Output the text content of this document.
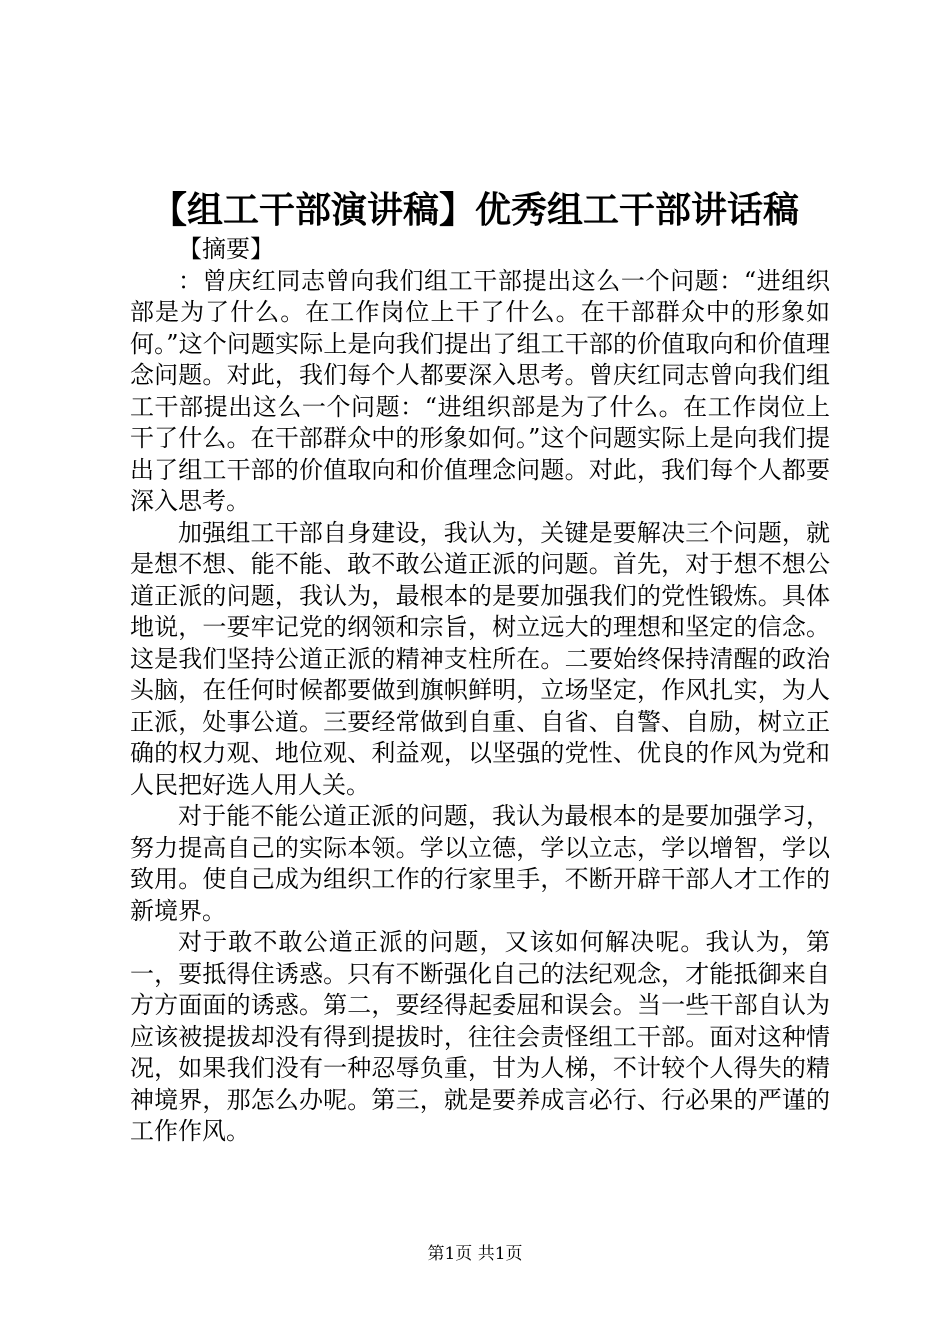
【组工干部演讲稿】优秀组工干部讲话稿

【摘要】

：曾庆红同志曾向我们组工干部提出这么一个问题：“进组织部是为了什么。在工作岗位上干了什么。在干部群众中的形象如何。”这个问题实际上是向我们提出了组工干部的价值取向和价值理念问题。对此，我们每个人都要深入思考。曾庆红同志曾向我们组工干部提出这么一个问题：“进组织部是为了什么。在工作岗位上干了什么。在干部群众中的形象如何。”这个问题实际上是向我们提出了组工干部的价值取向和价值理念问题。对此，我们每个人都要深入思考。

加强组工干部自身建设，我认为，关键是要解决三个问题，就是想不想、能不能、敢不敢公道正派的问题。首先，对于想不想公道正派的问题，我认为，最根本的是要加强我们的党性锻炼。具体地说，一要牢记党的纲领和宗旨，树立远大的理想和坚定的信念。这是我们坚持公道正派的精神支柱所在。二要始终保持清醒的政治头脑，在任何时候都要做到旗帜鲜明，立场坚定，作风扎实，为人正派，处事公道。三要经常做到自重、自省、自警、自励，树立正确的权力观、地位观、利益观，以坚强的党性、优良的作风为党和人民把好选人用人关。

对于能不能公道正派的问题，我认为最根本的是要加强学习，努力提高自己的实际本领。学以立德，学以立志，学以增智，学以致用。使自己成为组织工作的行家里手，不断开辟干部人才工作的新境界。

对于敢不敢公道正派的问题，又该如何解决呢。我认为，第一，要抵得住诱惑。只有不断强化自己的法纪观念，才能抵御来自方方面面的诱惑。第二，要经得起委屈和误会。当一些干部自认为应该被提拔却没有得到提拔时，往往会责怪组工干部。面对这种情况，如果我们没有一种忍辱负重，甘为人梯，不计较个人得失的精神境界，那怎么办呢。第三，就是要养成言必行、行必果的严谨的工作作风。

第1页 共1页
